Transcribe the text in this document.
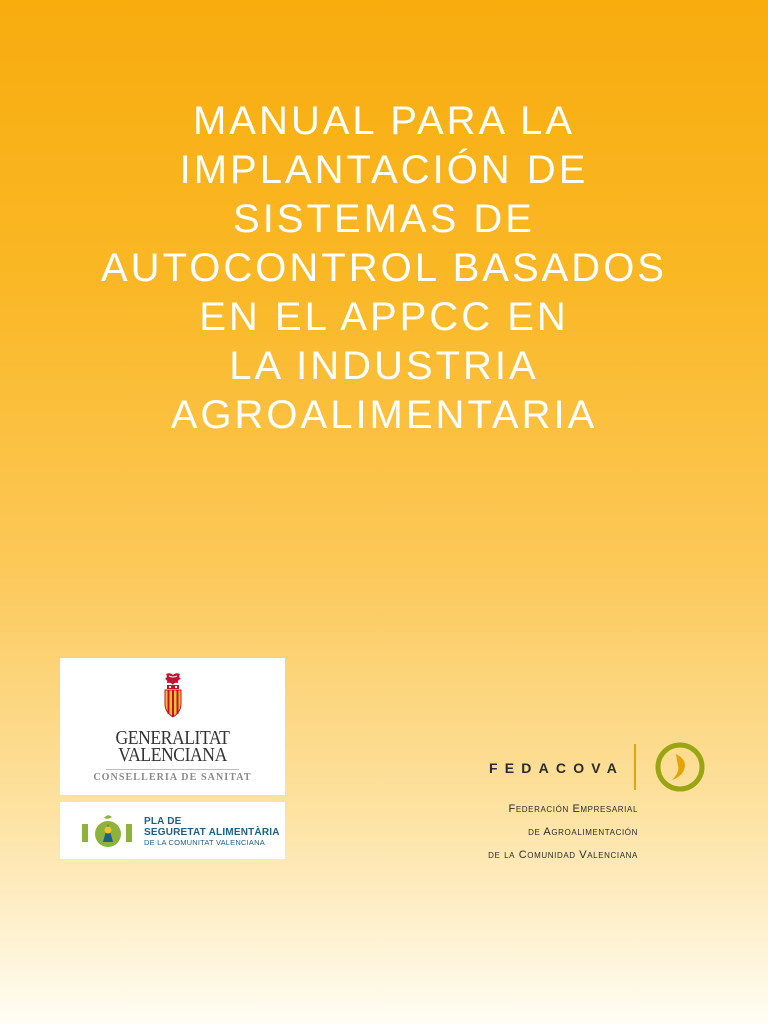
MANUAL PARA LA
IMPLANTACIÓN DE
SISTEMAS DE
AUTOCONTROL BASADOS
EN EL APPCC EN
LA INDUSTRIA
AGROALIMENTARIA
GENERALITAT
VALENCIANA
CONSELLERIA DE SANITAT
PLA DE
SEGURETAT ALIMENTÀRIA
DE LA COMUNITAT VALENCIANA
FEDACOVA
Federación Empresarial
de Agroalimentación
de la Comunidad Valenciana
